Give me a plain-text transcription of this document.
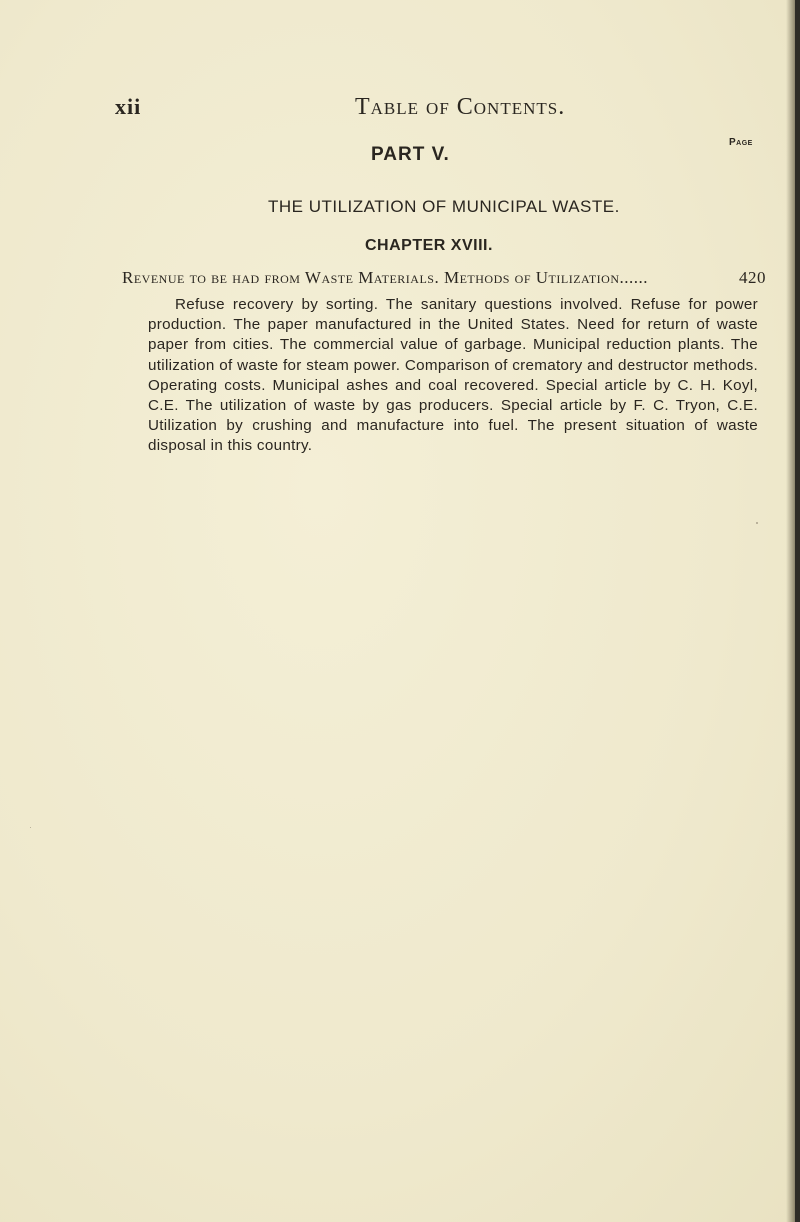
xii	Table of Contents.
Page
PART V.
THE UTILIZATION OF MUNICIPAL WASTE.
CHAPTER XVIII.
Revenue to be had from Waste Materials. Methods of Utilization......	420
Refuse recovery by sorting. The sanitary questions involved. Refuse for power production. The paper manufactured in the United States. Need for return of waste paper from cities. The commercial value of garbage. Municipal reduction plants. The utilization of waste for steam power. Comparison of crematory and destructor methods. Operating costs. Municipal ashes and coal recovered. Special article by C. H. Koyl, C.E. The utilization of waste by gas producers. Special article by F. C. Tryon, C.E. Utilization by crushing and manufacture into fuel. The present situation of waste disposal in this country.
